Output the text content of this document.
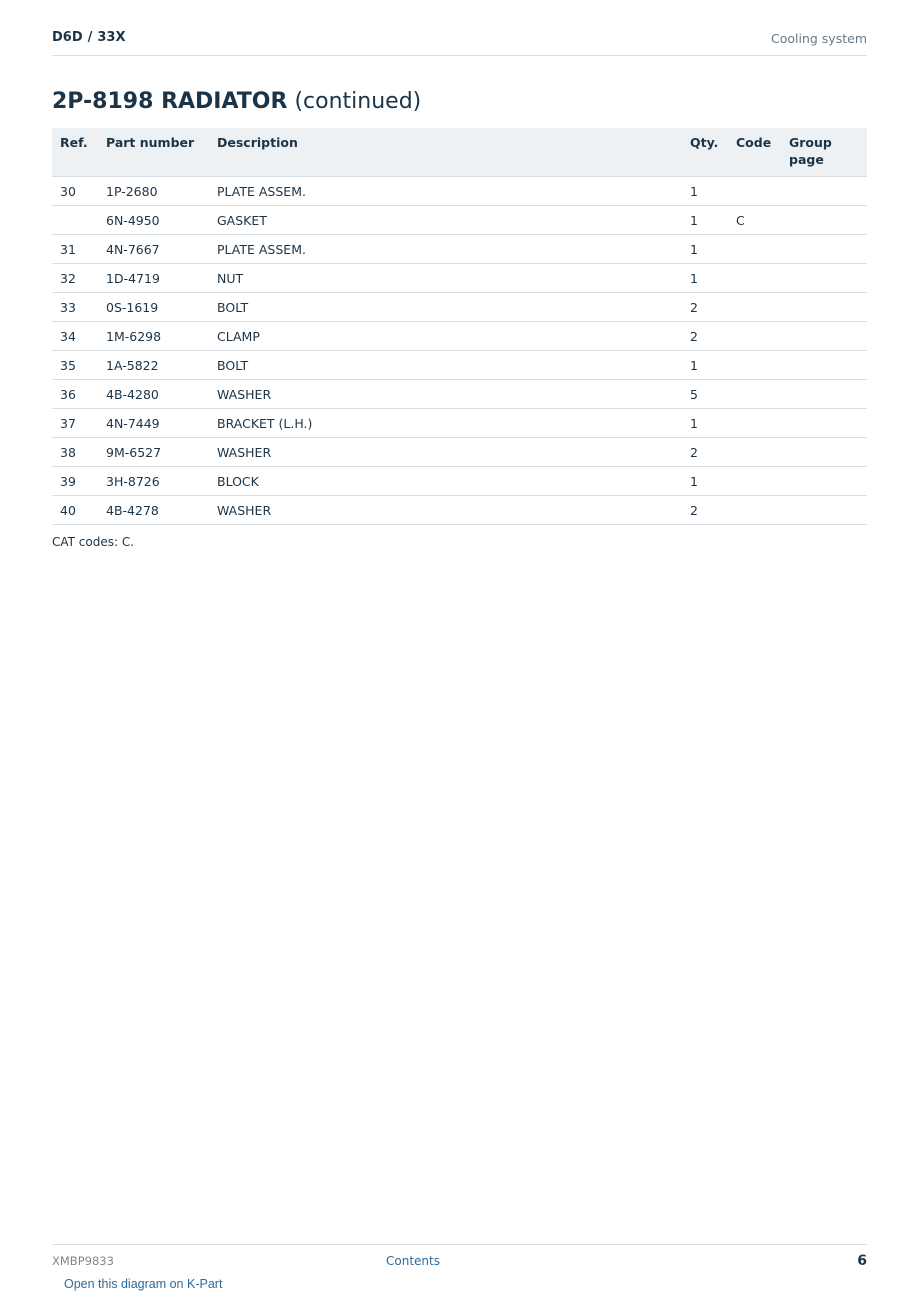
D6D / 33X	Cooling system
2P-8198 RADIATOR (continued)
Ref.	Part number	Description	Qty.	Code	Group page
30	1P-2680	PLATE ASSEM.	1		
	6N-4950	GASKET	1	C	
31	4N-7667	PLATE ASSEM.	1		
32	1D-4719	NUT	1		
33	0S-1619	BOLT	2		
34	1M-6298	CLAMP	2		
35	1A-5822	BOLT	1		
36	4B-4280	WASHER	5		
37	4N-7449	BRACKET (L.H.)	1		
38	9M-6527	WASHER	2		
39	3H-8726	BLOCK	1		
40	4B-4278	WASHER	2		
CAT codes: C.
XMBP9833	Contents	6
Open this diagram on K-Part
